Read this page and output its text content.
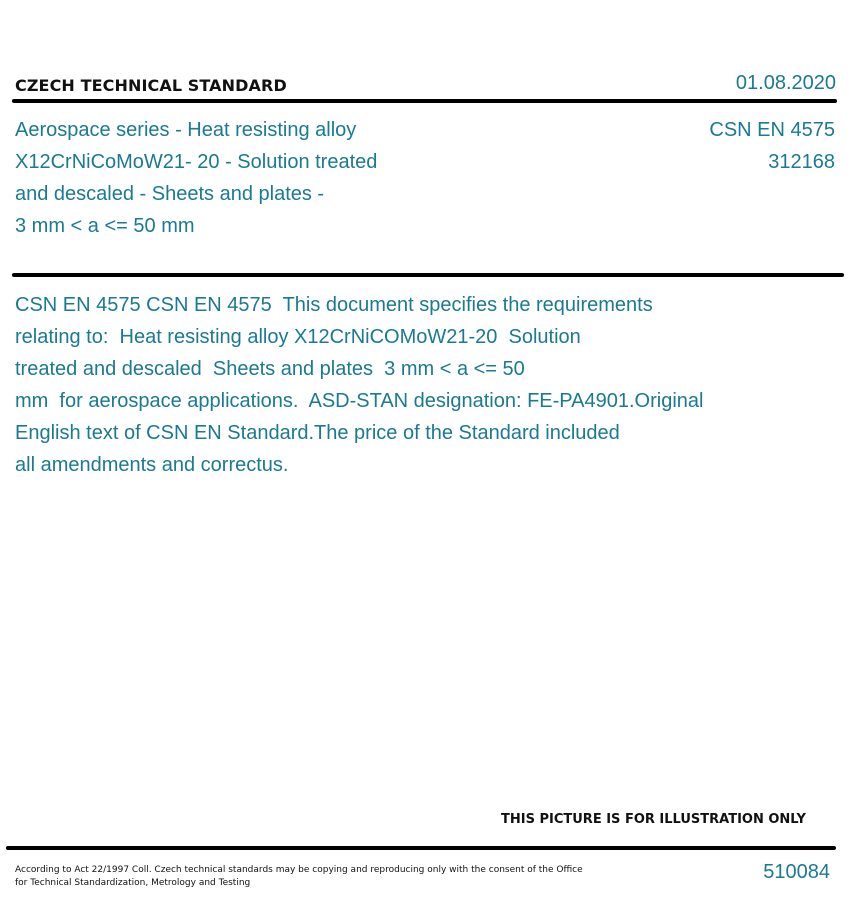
CZECH TECHNICAL STANDARD	01.08.2020
Aerospace series - Heat resisting alloy
X12CrNiCoMoW21- 20 - Solution treated
and descaled - Sheets and plates -
3 mm < a <= 50 mm
CSN EN 4575
312168
CSN EN 4575 CSN EN 4575  This document specifies the requirements
relating to:  Heat resisting alloy X12CrNiCOMoW21-20  Solution
treated and descaled  Sheets and plates  3 mm < a <= 50
mm  for aerospace applications.  ASD-STAN designation: FE-PA4901.Original
English text of CSN EN Standard.The price of the Standard included
all amendments and correctus.
THIS PICTURE IS FOR ILLUSTRATION ONLY
According to Act 22/1997 Coll. Czech technical standards may be copying and reproducing only with the consent of the Office
for Technical Standardization, Metrology and Testing	510084
